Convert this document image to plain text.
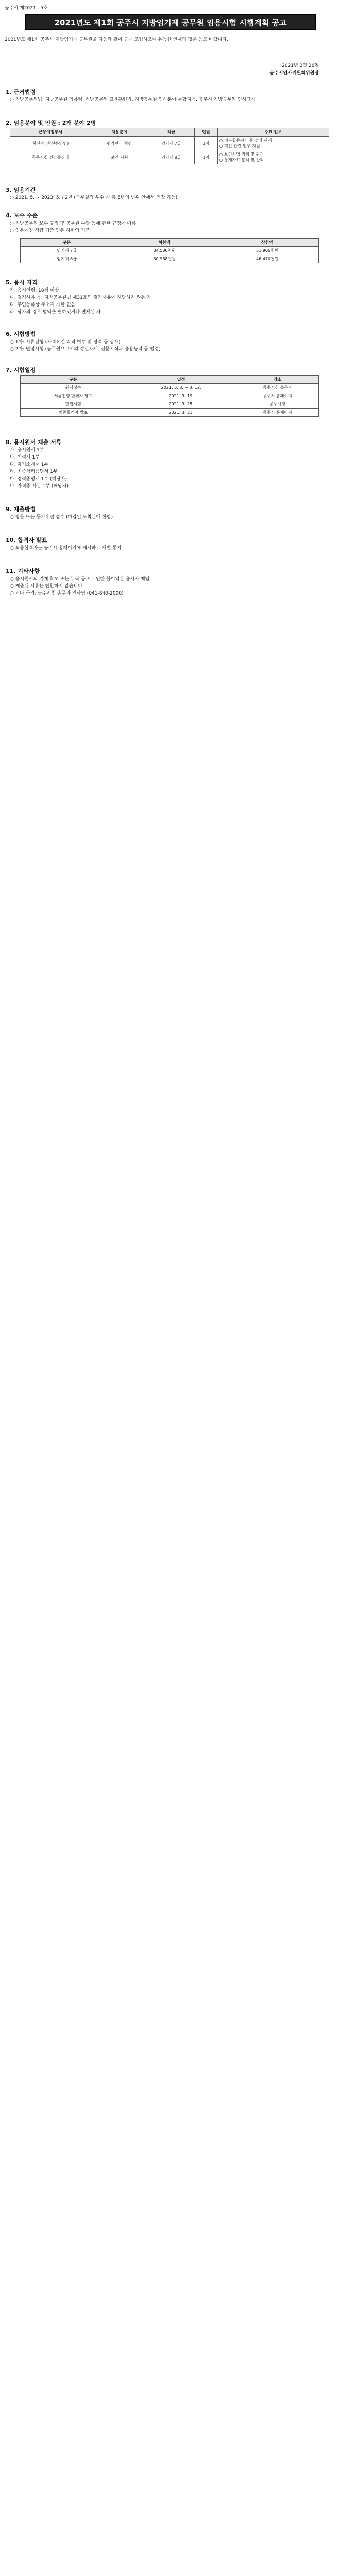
공주시 제2021 - 5호
2021년도 제1회 공주시 지방임기제 공무원 임용시험 시행계획 공고
2021년도 제1회 공주시 지방임기제 공무원을 다음과 같이 공개 모집하오니 유능한 인재의 많은 응모 바랍니다.
2021년 2월 26일
공주시인사위원회위원장
1. 근거법령
○ 지방공무원법, 지방공무원 임용령, 지방공무원 교육훈련법, 지방공무원 인사분야 통합지침, 공주시 지방공무원 인사규칙
2. 임용분야 및 인원 : 2개 분야 2명
근무예정부서	채용분야	직급	인원	주요 업무
혁신과 (혁신운영팀)	평가관리 혁신	임기제 7급	1명	○ 정부합동평가 등 성과 관리
○ 혁신 관련 업무 지원
공주시청 건강증진과	보건 기획	임기제 8급	1명	○ 보건사업 기획 및 관리
○ 통계자료 분석 및 관리
3. 임용기간
○ 2021. 5. ~ 2023. 5. / 2년 (근무실적 우수 시 총 5년의 범위 안에서 연장 가능)
4. 보수 수준
○ 지방공무원 보수 규정 및 공무원 수당 등에 관한 규정에 따름
○ 임용예정 직급 기준 연봉 하한액 기준
구분	하한액	상한액
임기제 7급	34,586천원	51,906천원
임기제 8급	30,968천원	46,470천원
5. 응시 자격
가. 응시연령: 18세 이상
나. 결격사유 등: 지방공무원법 제31조의 결격사유에 해당하지 않은 자
다. 주민등록상 주소지 제한 없음
라. 남자의 경우 병역을 필하였거나 면제된 자
6. 시험방법
○ 1차: 서류전형 (자격요건 적격 여부 및 경력 등 심사)
○ 2차: 면접시험 (공무원으로서의 정신자세, 전문지식과 응용능력 등 평정)
7. 시험일정
구분	일정	장소
원서접수	2021. 3. 8. ~ 3. 12.	공주시청 총무과
서류전형 합격자 발표	2021. 3. 19.	공주시 홈페이지
면접시험	2021. 3. 25.	공주시청
최종합격자 발표	2021. 3. 31.	공주시 홈페이지
8. 응시원서 제출 서류
가. 응시원서 1부
나. 이력서 1부
다. 자기소개서 1부
라. 최종학력증명서 1부
마. 경력증명서 1부 (해당자)
바. 자격증 사본 1부 (해당자)
9. 제출방법
○ 방문 또는 등기우편 접수 (마감일 도착분에 한함)
10. 합격자 발표
○ 최종합격자는 공주시 홈페이지에 게시하고 개별 통지
11. 기타사항
○ 응시원서의 기재 착오 또는 누락 등으로 인한 불이익은 응시자 책임
○ 제출된 서류는 반환하지 않습니다
○ 기타 문의: 공주시청 총무과 인사팀 (041-840-2000)
